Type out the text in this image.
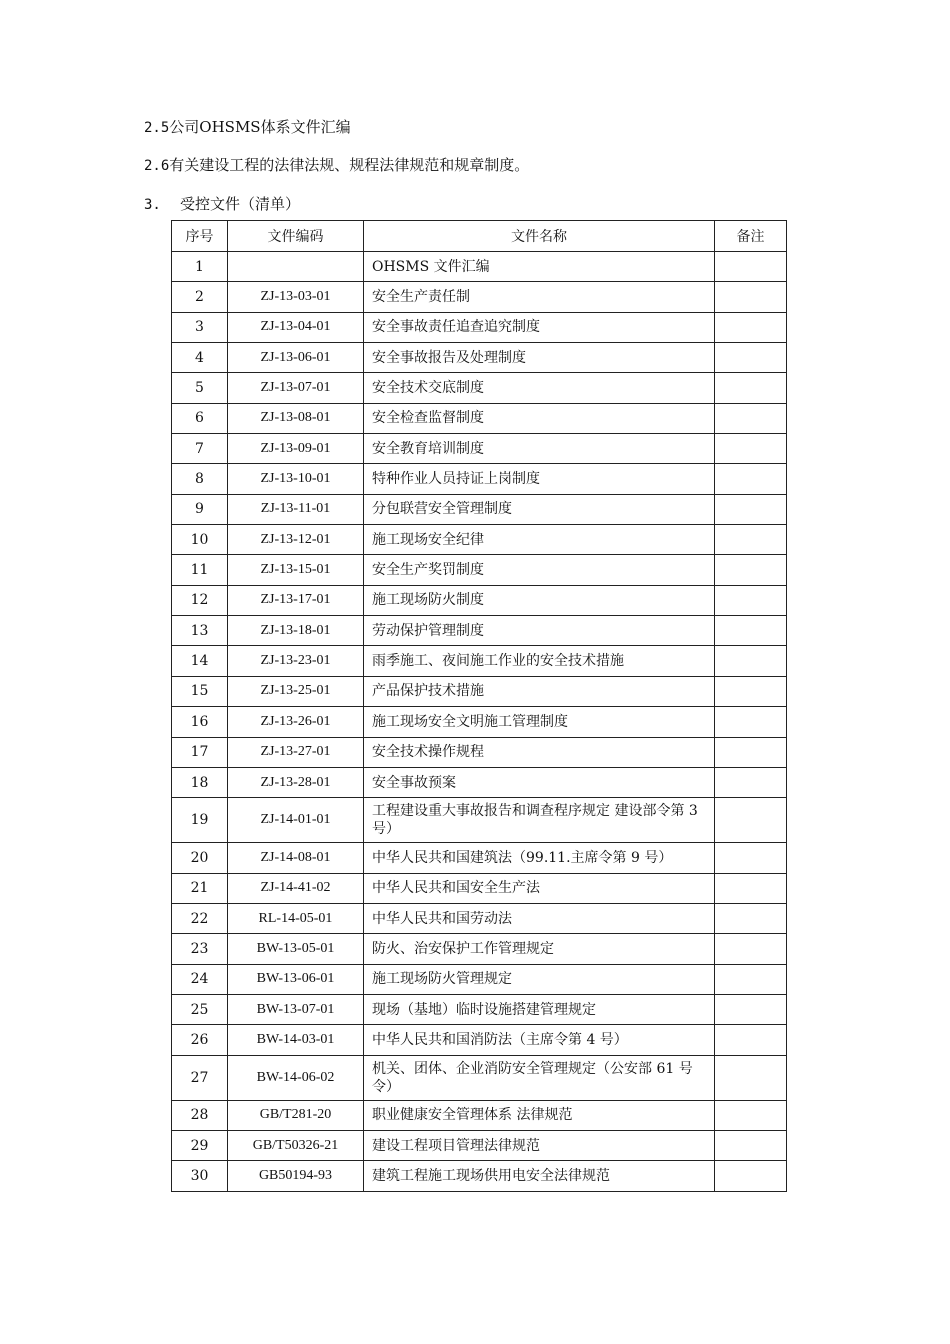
2.5公司OHSMS体系文件汇编
2.6有关建设工程的法律法规、规程法律规范和规章制度。
3. 受控文件（清单）
序号	文件编码	文件名称	备注
1		OHSMS 文件汇编	
2	ZJ-13-03-01	安全生产责任制	
3	ZJ-13-04-01	安全事故责任追查追究制度	
4	ZJ-13-06-01	安全事故报告及处理制度	
5	ZJ-13-07-01	安全技术交底制度	
6	ZJ-13-08-01	安全检查监督制度	
7	ZJ-13-09-01	安全教育培训制度	
8	ZJ-13-10-01	特种作业人员持证上岗制度	
9	ZJ-13-11-01	分包联营安全管理制度	
10	ZJ-13-12-01	施工现场安全纪律	
11	ZJ-13-15-01	安全生产奖罚制度	
12	ZJ-13-17-01	施工现场防火制度	
13	ZJ-13-18-01	劳动保护管理制度	
14	ZJ-13-23-01	雨季施工、夜间施工作业的安全技术措施	
15	ZJ-13-25-01	产品保护技术措施	
16	ZJ-13-26-01	施工现场安全文明施工管理制度	
17	ZJ-13-27-01	安全技术操作规程	
18	ZJ-13-28-01	安全事故预案	
19	ZJ-14-01-01	工程建设重大事故报告和调查程序规定 建设部令第 3 号）	
20	ZJ-14-08-01	中华人民共和国建筑法（99.11.主席令第 9 号）	
21	ZJ-14-41-02	中华人民共和国安全生产法	
22	RL-14-05-01	中华人民共和国劳动法	
23	BW-13-05-01	防火、治安保护工作管理规定	
24	BW-13-06-01	施工现场防火管理规定	
25	BW-13-07-01	现场（基地）临时设施搭建管理规定	
26	BW-14-03-01	中华人民共和国消防法（主席令第 4 号）	
27	BW-14-06-02	机关、团体、企业消防安全管理规定（公安部 61 号令）	
28	GB/T281-20	职业健康安全管理体系 法律规范	
29	GB/T50326-21	建设工程项目管理法律规范	
30	GB50194-93	建筑工程施工现场供用电安全法律规范	
